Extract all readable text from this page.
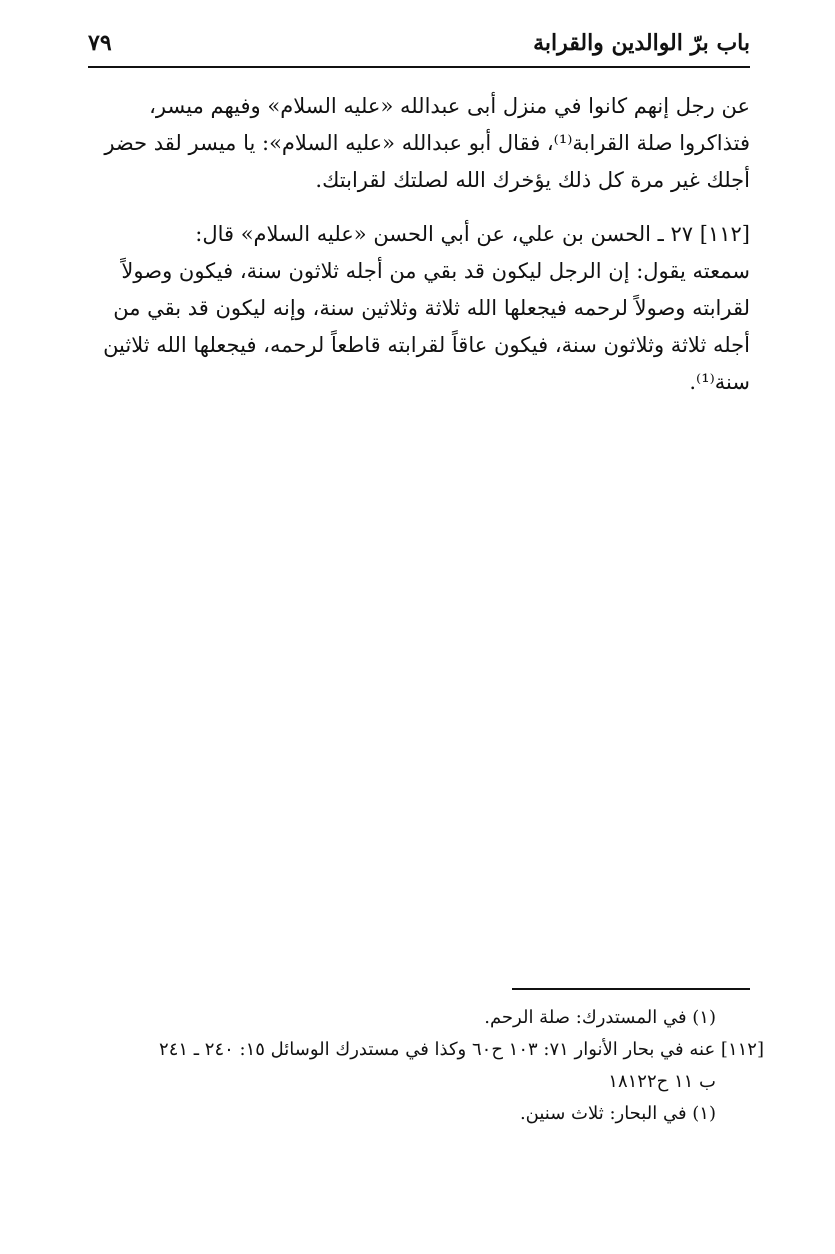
باب برّ الوالدين والقرابة
٧٩
عن رجل إنهم كانوا في منزل أبى عبدالله «عليه السلام» وفيهم ميسر،
فتذاكروا صلة القرابة⁽¹⁾، فقال أبو عبدالله «عليه السلام»: يا ميسر لقد حضر
أجلك غير مرة كل ذلك يؤخرك الله لصلتك لقرابتك.
[١١٢] ٢٧ ـ الحسن بن علي، عن أبي الحسن «عليه السلام» قال:
سمعته يقول: إن الرجل ليكون قد بقي من أجله ثلاثون سنة، فيكون وصولاً
لقرابته وصولاً لرحمه فيجعلها الله ثلاثة وثلاثين سنة، وإنه ليكون قد بقي من
أجله ثلاثة وثلاثون سنة، فيكون عاقاً لقرابته قاطعاً لرحمه، فيجعلها الله ثلاثين
سنة⁽¹⁾.
(١) في المستدرك: صلة الرحم.
[١١٢] عنه في بحار الأنوار ٧١: ١٠٣ ح٦٠ وكذا في مستدرك الوسائل ١٥: ٢٤٠ ـ ٢٤١
ب ١١ ح١٨١٢٢
(١) في البحار: ثلاث سنين.
